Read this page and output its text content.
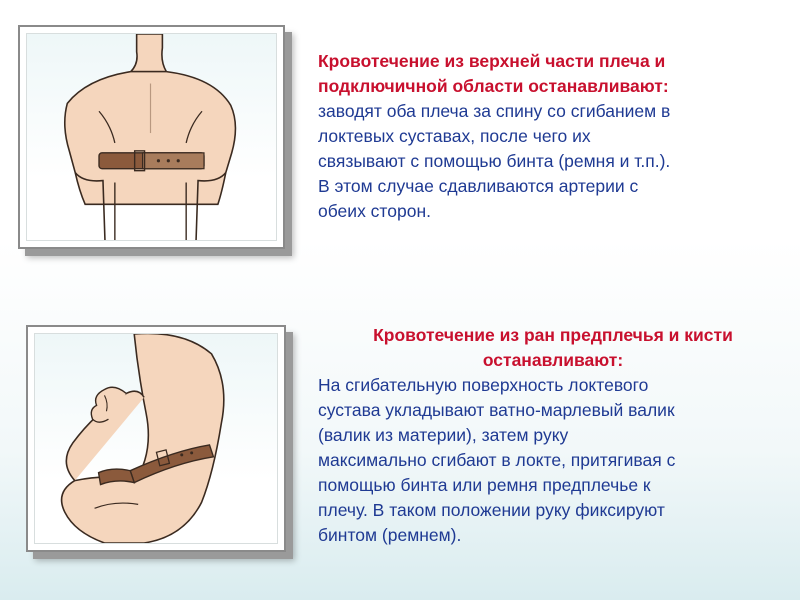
Кровотечение из верхней части плеча и
подключичной области останавливают:
заводят оба плеча за спину со сгибанием в
локтевых суставах, после чего их
связывают с помощью бинта (ремня и т.п.).
В этом случае сдавливаются артерии с
обеих сторон.
Кровотечение из ран предплечья и кисти
останавливают:
На сгибательную поверхность локтевого
сустава укладывают ватно-марлевый валик
(валик из материи), затем руку
максимально сгибают в локте, притягивая с
помощью бинта или ремня предплечье к
плечу. В таком положении руку фиксируют
бинтом (ремнем).
